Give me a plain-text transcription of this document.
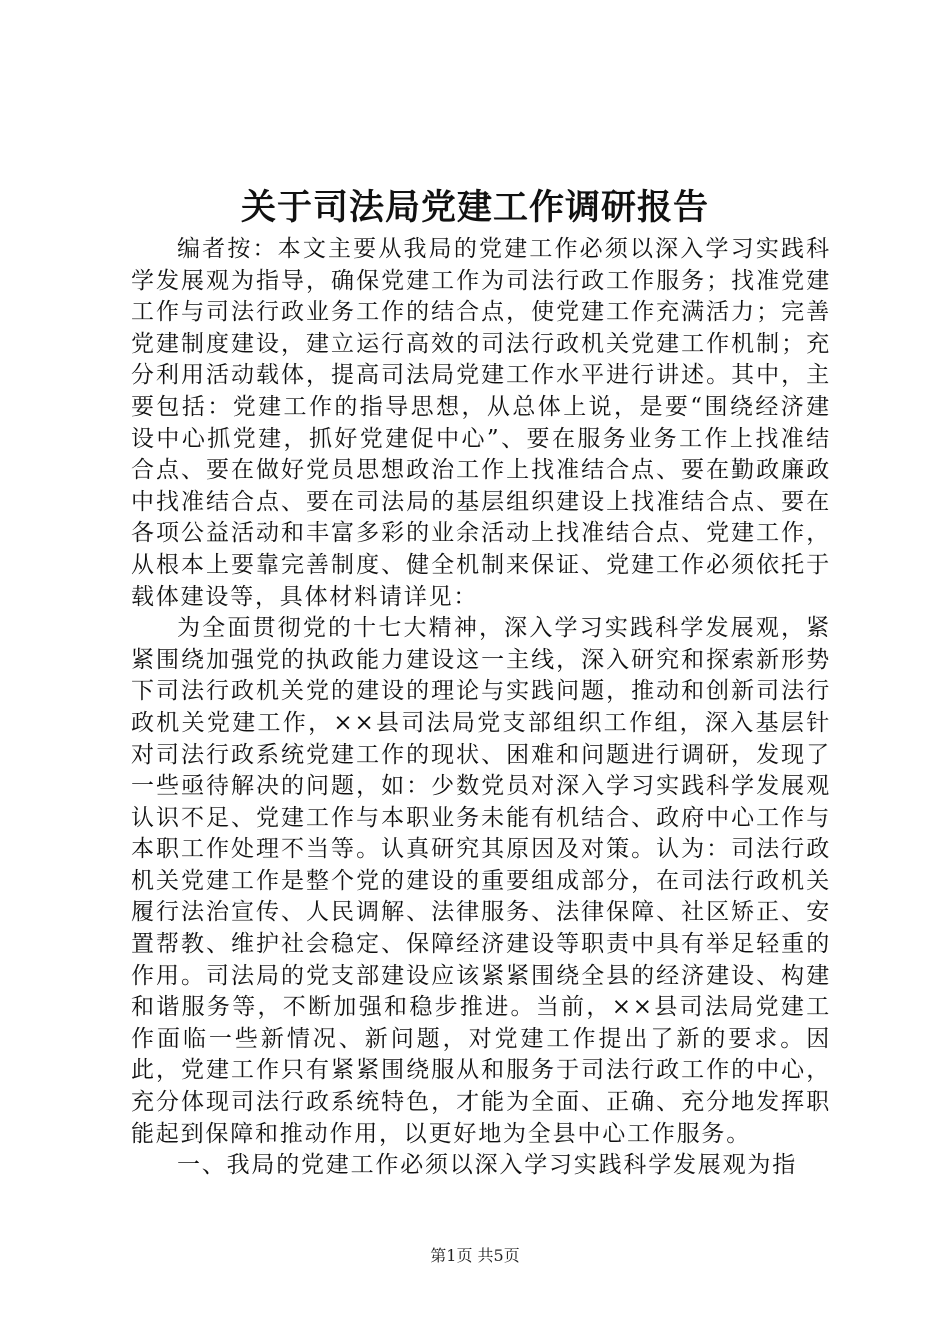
关于司法局党建工作调研报告

编者按：本文主要从我局的党建工作必须以深入学习实践科学发展观为指导，确保党建工作为司法行政工作服务；找准党建工作与司法行政业务工作的结合点，使党建工作充满活力；完善党建制度建设，建立运行高效的司法行政机关党建工作机制；充分利用活动载体，提高司法局党建工作水平进行讲述。其中，主要包括：党建工作的指导思想，从总体上说，是要“围绕经济建设中心抓党建，抓好党建促中心”、要在服务业务工作上找准结合点、要在做好党员思想政治工作上找准结合点、要在勤政廉政中找准结合点、要在司法局的基层组织建设上找准结合点、要在各项公益活动和丰富多彩的业余活动上找准结合点、党建工作，从根本上要靠完善制度、健全机制来保证、党建工作必须依托于载体建设等，具体材料请详见：

为全面贯彻党的十七大精神，深入学习实践科学发展观，紧紧围绕加强党的执政能力建设这一主线，深入研究和探索新形势下司法行政机关党的建设的理论与实践问题，推动和创新司法行政机关党建工作，××县司法局党支部组织工作组，深入基层针对司法行政系统党建工作的现状、困难和问题进行调研，发现了一些亟待解决的问题，如：少数党员对深入学习实践科学发展观认识不足、党建工作与本职业务未能有机结合、政府中心工作与本职工作处理不当等。认真研究其原因及对策。认为：司法行政机关党建工作是整个党的建设的重要组成部分，在司法行政机关履行法治宣传、人民调解、法律服务、法律保障、社区矫正、安置帮教、维护社会稳定、保障经济建设等职责中具有举足轻重的作用。司法局的党支部建设应该紧紧围绕全县的经济建设、构建和谐服务等，不断加强和稳步推进。当前，××县司法局党建工作面临一些新情况、新问题，对党建工作提出了新的要求。因此，党建工作只有紧紧围绕服从和服务于司法行政工作的中心，充分体现司法行政系统特色，才能为全面、正确、充分地发挥职能起到保障和推动作用，以更好地为全县中心工作服务。

一、我局的党建工作必须以深入学习实践科学发展观为指

第1页 共5页
